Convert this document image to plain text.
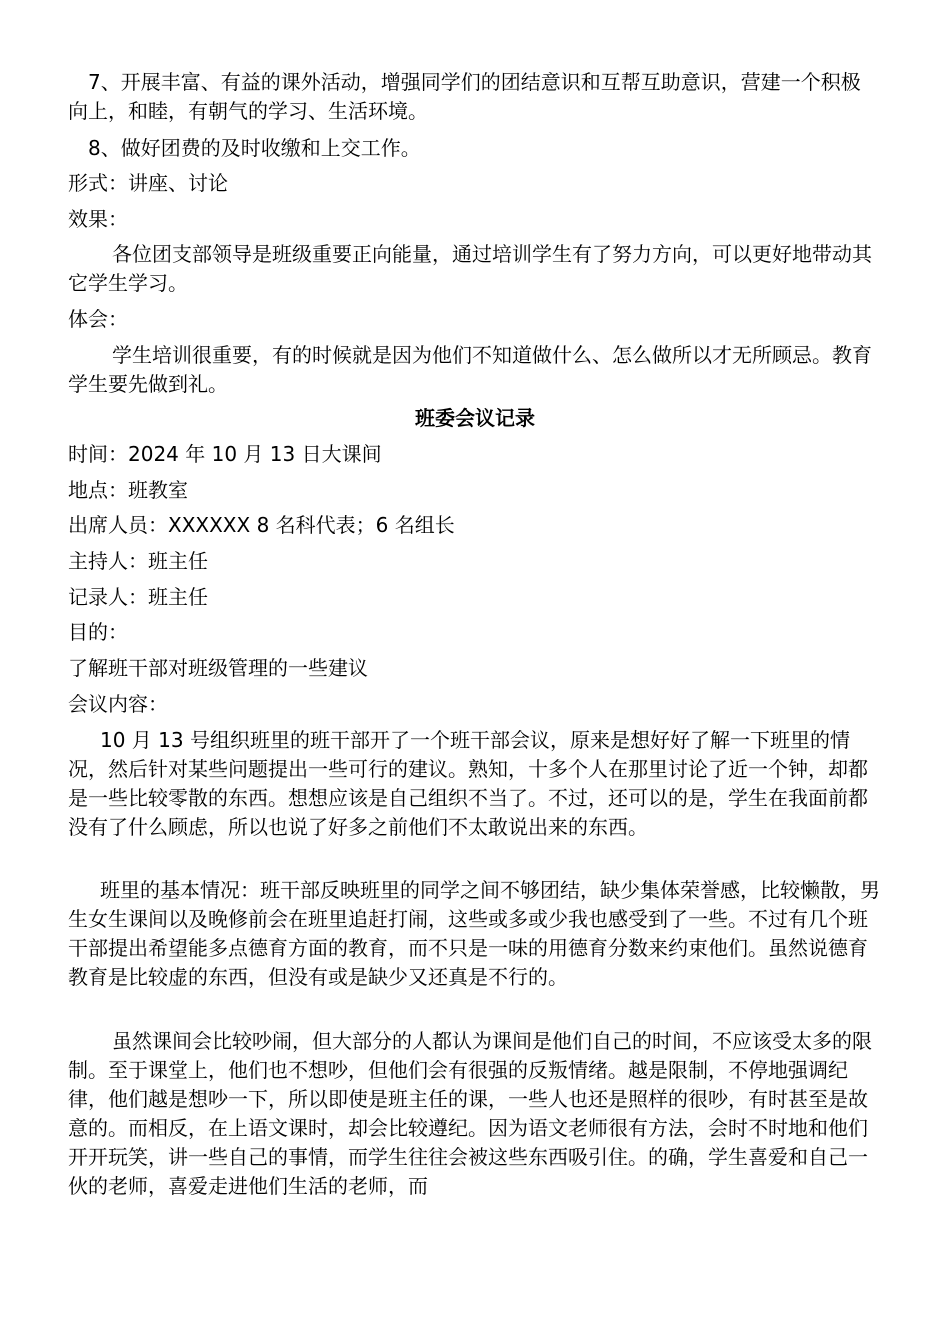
7、开展丰富、有益的课外活动，增强同学们的团结意识和互帮互助意识，营建一个积极向上，和睦，有朝气的学习、生活环境。

8、做好团费的及时收缴和上交工作。

形式：讲座、讨论

效果：

各位团支部领导是班级重要正向能量，通过培训学生有了努力方向，可以更好地带动其它学生学习。

体会：

学生培训很重要，有的时候就是因为他们不知道做什么、怎么做所以才无所顾忌。教育学生要先做到礼。

班委会议记录

时间：2024 年 10 月 13 日大课间

地点：班教室

出席人员：XXXXXX 8 名科代表；6 名组长

主持人：班主任

记录人：班主任

目的：

了解班干部对班级管理的一些建议

会议内容：

10 月 13 号组织班里的班干部开了一个班干部会议，原来是想好好了解一下班里的情况，然后针对某些问题提出一些可行的建议。熟知，十多个人在那里讨论了近一个钟，却都是一些比较零散的东西。想想应该是自己组织不当了。不过，还可以的是，学生在我面前都没有了什么顾虑，所以也说了好多之前他们不太敢说出来的东西。

班里的基本情况：班干部反映班里的同学之间不够团结，缺少集体荣誉感，比较懒散，男生女生课间以及晚修前会在班里追赶打闹，这些或多或少我也感受到了一些。不过有几个班干部提出希望能多点德育方面的教育，而不只是一味的用德育分数来约束他们。虽然说德育教育是比较虚的东西，但没有或是缺少又还真是不行的。

虽然课间会比较吵闹，但大部分的人都认为课间是他们自己的时间，不应该受太多的限制。至于课堂上，他们也不想吵，但他们会有很强的反叛情绪。越是限制，不停地强调纪律，他们越是想吵一下，所以即使是班主任的课，一些人也还是照样的很吵，有时甚至是故意的。而相反，在上语文课时，却会比较遵纪。因为语文老师很有方法，会时不时地和他们开开玩笑，讲一些自己的事情，而学生往往会被这些东西吸引住。的确，学生喜爱和自己一伙的老师，喜爱走进他们生活的老师，而
